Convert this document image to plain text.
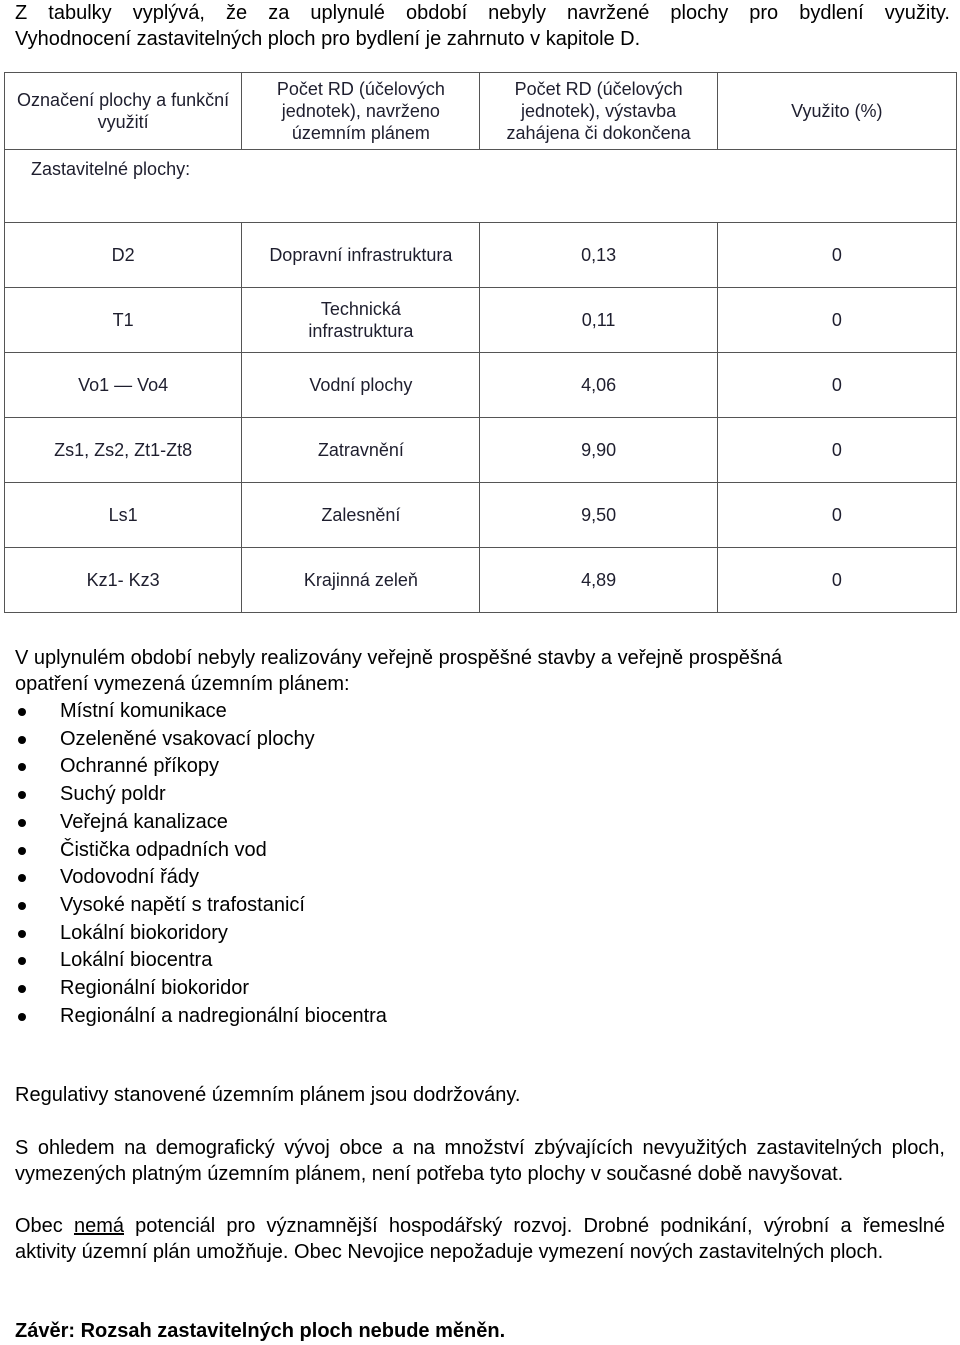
Z tabulky vyplývá, že za uplynulé období nebyly navržené plochy pro bydlení využity.
Vyhodnocení zastavitelných ploch pro bydlení je zahrnuto v kapitole D.
Označení plochy a funkční využití	Počet RD (účelových jednotek), navrženo územním plánem	Počet RD (účelových jednotek), výstavba zahájena či dokončena	Využito (%)
Zastavitelné plochy:			
D2	Dopravní infrastruktura	0,13	0
T1	Technická infrastruktura	0,11	0
Vo1 — Vo4	Vodní plochy	4,06	0
Zs1, Zs2, Zt1-Zt8	Zatravnění	9,90	0
Ls1	Zalesnění	9,50	0
Kz1- Kz3	Krajinná zeleň	4,89	0
V uplynulém období nebyly realizovány veřejně prospěšné stavby a veřejně prospěšná
opatření vymezená územním plánem:
Místní komunikace
Ozeleněné vsakovací plochy
Ochranné příkopy
Suchý poldr
Veřejná kanalizace
Čistička odpadních vod
Vodovodní řády
Vysoké napětí s trafostanicí
Lokální biokoridory
Lokální biocentra
Regionální biokoridor
Regionální a nadregionální biocentra
Regulativy stanovené územním plánem jsou dodržovány.
S ohledem na demografický vývoj obce a na množství zbývajících nevyužitých zastavitelných ploch, vymezených platným územním plánem, není potřeba tyto plochy v současné době navyšovat.
Obec nemá potenciál pro významnější hospodářský rozvoj. Drobné podnikání, výrobní a řemeslné aktivity územní plán umožňuje. Obec Nevojice nepožaduje vymezení nových zastavitelných ploch.
Závěr: Rozsah zastavitelných ploch nebude měněn.
